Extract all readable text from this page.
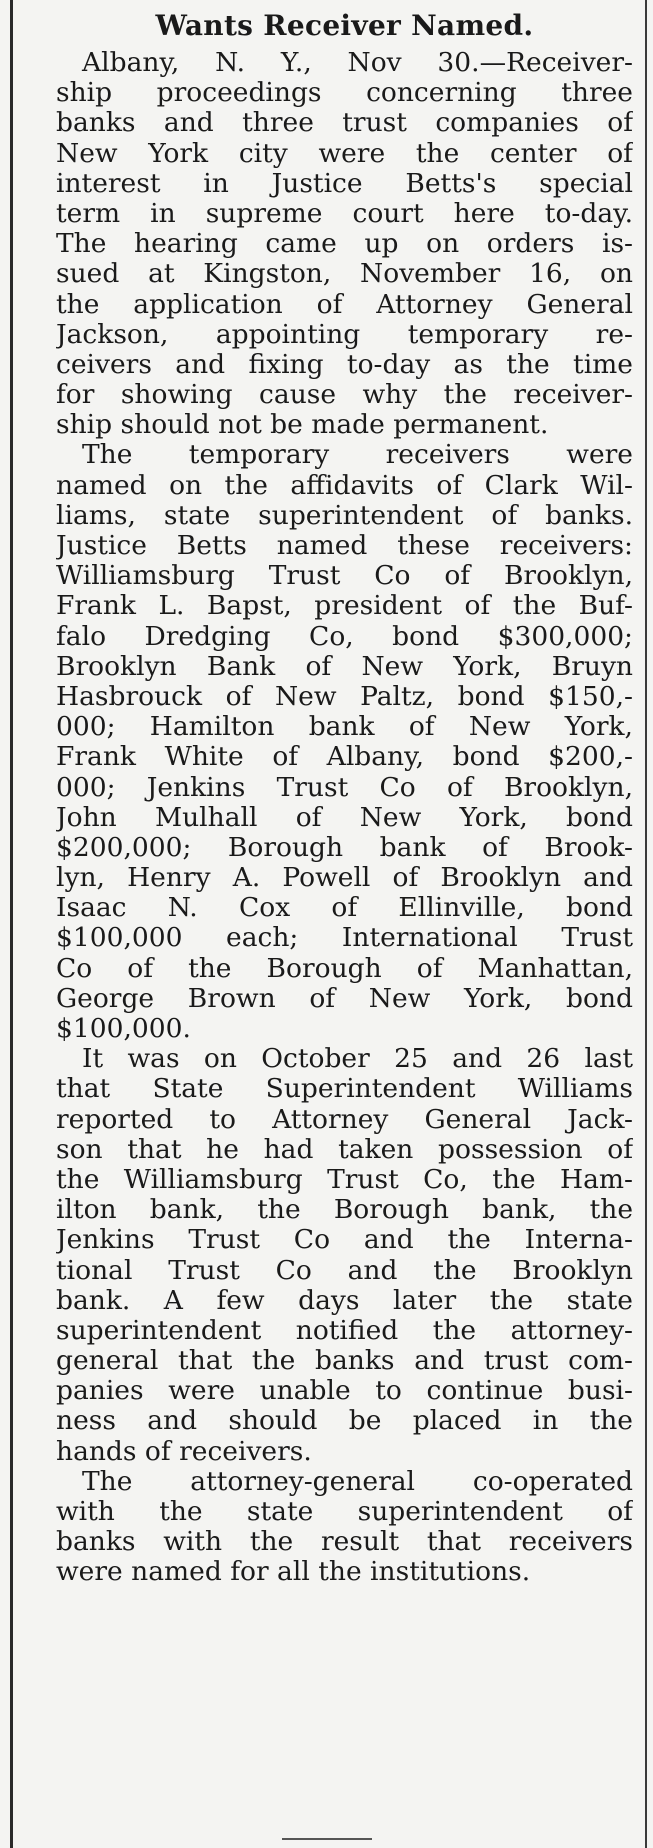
Wants Receiver Named.
Albany, N. Y., Nov 30.—Receiver-
ship proceedings concerning three
banks and three trust companies of
New York city were the center of
interest in Justice Betts's special
term in supreme court here to-day.
The hearing came up on orders is-
sued at Kingston, November 16, on
the application of Attorney General
Jackson, appointing temporary re-
ceivers and fixing to-day as the time
for showing cause why the receiver-
ship should not be made permanent.
The temporary receivers were
named on the affidavits of Clark Wil-
liams, state superintendent of banks.
Justice Betts named these receivers:
Williamsburg Trust Co of Brooklyn,
Frank L. Bapst, president of the Buf-
falo Dredging Co, bond $300,000;
Brooklyn Bank of New York, Bruyn
Hasbrouck of New Paltz, bond $150,-
000; Hamilton bank of New York,
Frank White of Albany, bond $200,-
000; Jenkins Trust Co of Brooklyn,
John Mulhall of New York, bond
$200,000; Borough bank of Brook-
lyn, Henry A. Powell of Brooklyn and
Isaac N. Cox of Ellinville, bond
$100,000 each; International Trust
Co of the Borough of Manhattan,
George Brown of New York, bond
$100,000.
It was on October 25 and 26 last
that State Superintendent Williams
reported to Attorney General Jack-
son that he had taken possession of
the Williamsburg Trust Co, the Ham-
ilton bank, the Borough bank, the
Jenkins Trust Co and the Interna-
tional Trust Co and the Brooklyn
bank. A few days later the state
superintendent notified the attorney-
general that the banks and trust com-
panies were unable to continue busi-
ness and should be placed in the
hands of receivers.
The attorney-general co-operated
with the state superintendent of
banks with the result that receivers
were named for all the institutions.
